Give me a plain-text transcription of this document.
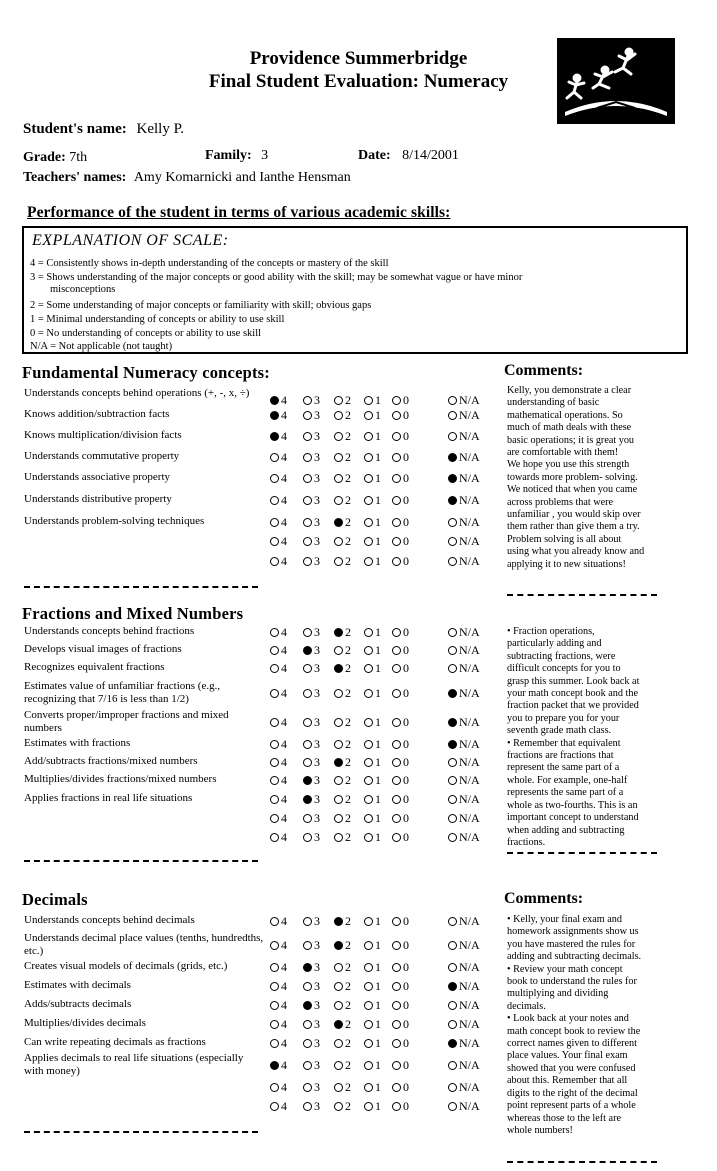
Providence Summerbridge
Final Student Evaluation: Numeracy
Student's name: Kelly P.
Grade: 7th	Family: 3	Date: 8/14/2001
Teachers' names: Amy Komarnicki and Ianthe Hensman
Performance of the student in terms of various academic skills:
EXPLANATION OF SCALE:
4 = Consistently shows in-depth understanding of the concepts or mastery of the skill
3 = Shows understanding of the major concepts or good ability with the skill; may be somewhat vague or have minor
misconceptions
2 = Some understanding of major concepts or familiarity with skill; obvious gaps
1 = Minimal understanding of concepts or ability to use skill
0 = No understanding of concepts or ability to use skill
N/A = Not applicable (not taught)
Fundamental Numeracy concepts:	Comments:
Understands concepts behind operations (+, -, x, ÷)	4	3	2	1	0	N/A
Knows addition/subtraction facts	4	3	2	1	0	N/A
Knows multiplication/division facts	4	3	2	1	0	N/A
Understands commutative property	4	3	2	1	0	N/A
Understands associative property	4	3	2	1	0	N/A
Understands distributive property	4	3	2	1	0	N/A
Understands problem-solving techniques	4	3	2	1	0	N/A
4	3	2	1	0	N/A
4	3	2	1	0	N/A
Kelly, you demonstrate a clear
understanding of basic
mathematical operations. So
much of math deals with these
basic operations; it is great you
are comfortable with them!
We hope you use this strength
towards more problem- solving.
We noticed that when you came
across problems that were
unfamiliar , you would skip over
them rather than give them a try.
Problem solving is all about
using what you already know and
applying it to new situations!
Fractions and Mixed Numbers
Understands concepts behind fractions	4	3	2	1	0	N/A
Develops visual images of fractions	4	3	2	1	0	N/A
Recognizes equivalent fractions	4	3	2	1	0	N/A
Estimates value of unfamiliar fractions (e.g., recognizing that 7/16 is less than 1/2)	4	3	2	1	0	N/A
Converts proper/improper fractions and mixed numbers	4	3	2	1	0	N/A
Estimates with fractions	4	3	2	1	0	N/A
Add/subtracts fractions/mixed numbers	4	3	2	1	0	N/A
Multiplies/divides fractions/mixed numbers	4	3	2	1	0	N/A
Applies fractions in real life situations	4	3	2	1	0	N/A
4	3	2	1	0	N/A
4	3	2	1	0	N/A
• Fraction operations,
particularly adding and
subtracting fractions, were
difficult concepts for you to
grasp this summer. Look back at
your math concept book and the
fraction packet that we provided
you to prepare you for your
seventh grade math class.
• Remember that equivalent
fractions are fractions that
represent the same part of a
whole. For example, one-half
represents the same part of a
whole as two-fourths. This is an
important concept to understand
when adding and subtracting
fractions.
Decimals	Comments:
Understands concepts behind decimals	4	3	2	1	0	N/A
Understands decimal place values (tenths, hundredths, etc.)	4	3	2	1	0	N/A
Creates visual models of decimals (grids, etc.)	4	3	2	1	0	N/A
Estimates with decimals	4	3	2	1	0	N/A
Adds/subtracts decimals	4	3	2	1	0	N/A
Multiplies/divides decimals	4	3	2	1	0	N/A
Can write repeating decimals as fractions	4	3	2	1	0	N/A
Applies decimals to real life situations (especially with money)	4	3	2	1	0	N/A
4	3	2	1	0	N/A
4	3	2	1	0	N/A
• Kelly, your final exam and
homework assignments show us
you have mastered the rules for
adding and subtracting decimals.
• Review your math concept
book to understand the rules for
multiplying and dividing
decimals.
• Look back at your notes and
math concept book to review the
correct names given to different
place values. Your final exam
showed that you were confused
about this. Remember that all
digits to the right of the decimal
point represent parts of a whole
whereas those to the left are
whole numbers!
